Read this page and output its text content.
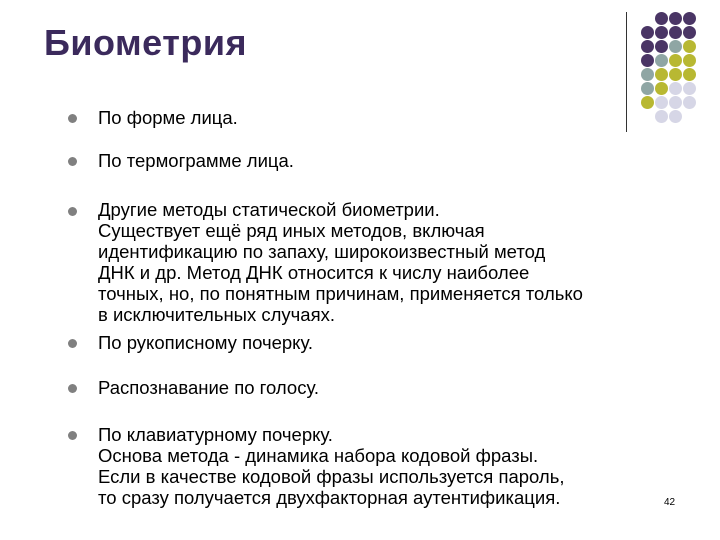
Биометрия

По форме лица.

По термограмме лица.

Другие методы статической биометрии.
Существует ещё ряд иных методов, включая
идентификацию по запаху, широкоизвестный метод
ДНК и др. Метод ДНК относится к числу наиболее
точных, но, по понятным причинам, применяется только
в исключительных случаях.

По рукописному почерку.

Распознавание по голосу.

По клавиатурному почерку.
Основа метода - динамика набора кодовой фразы.
Если в качестве кодовой фразы используется пароль,
то сразу получается двухфакторная аутентификация.	42
